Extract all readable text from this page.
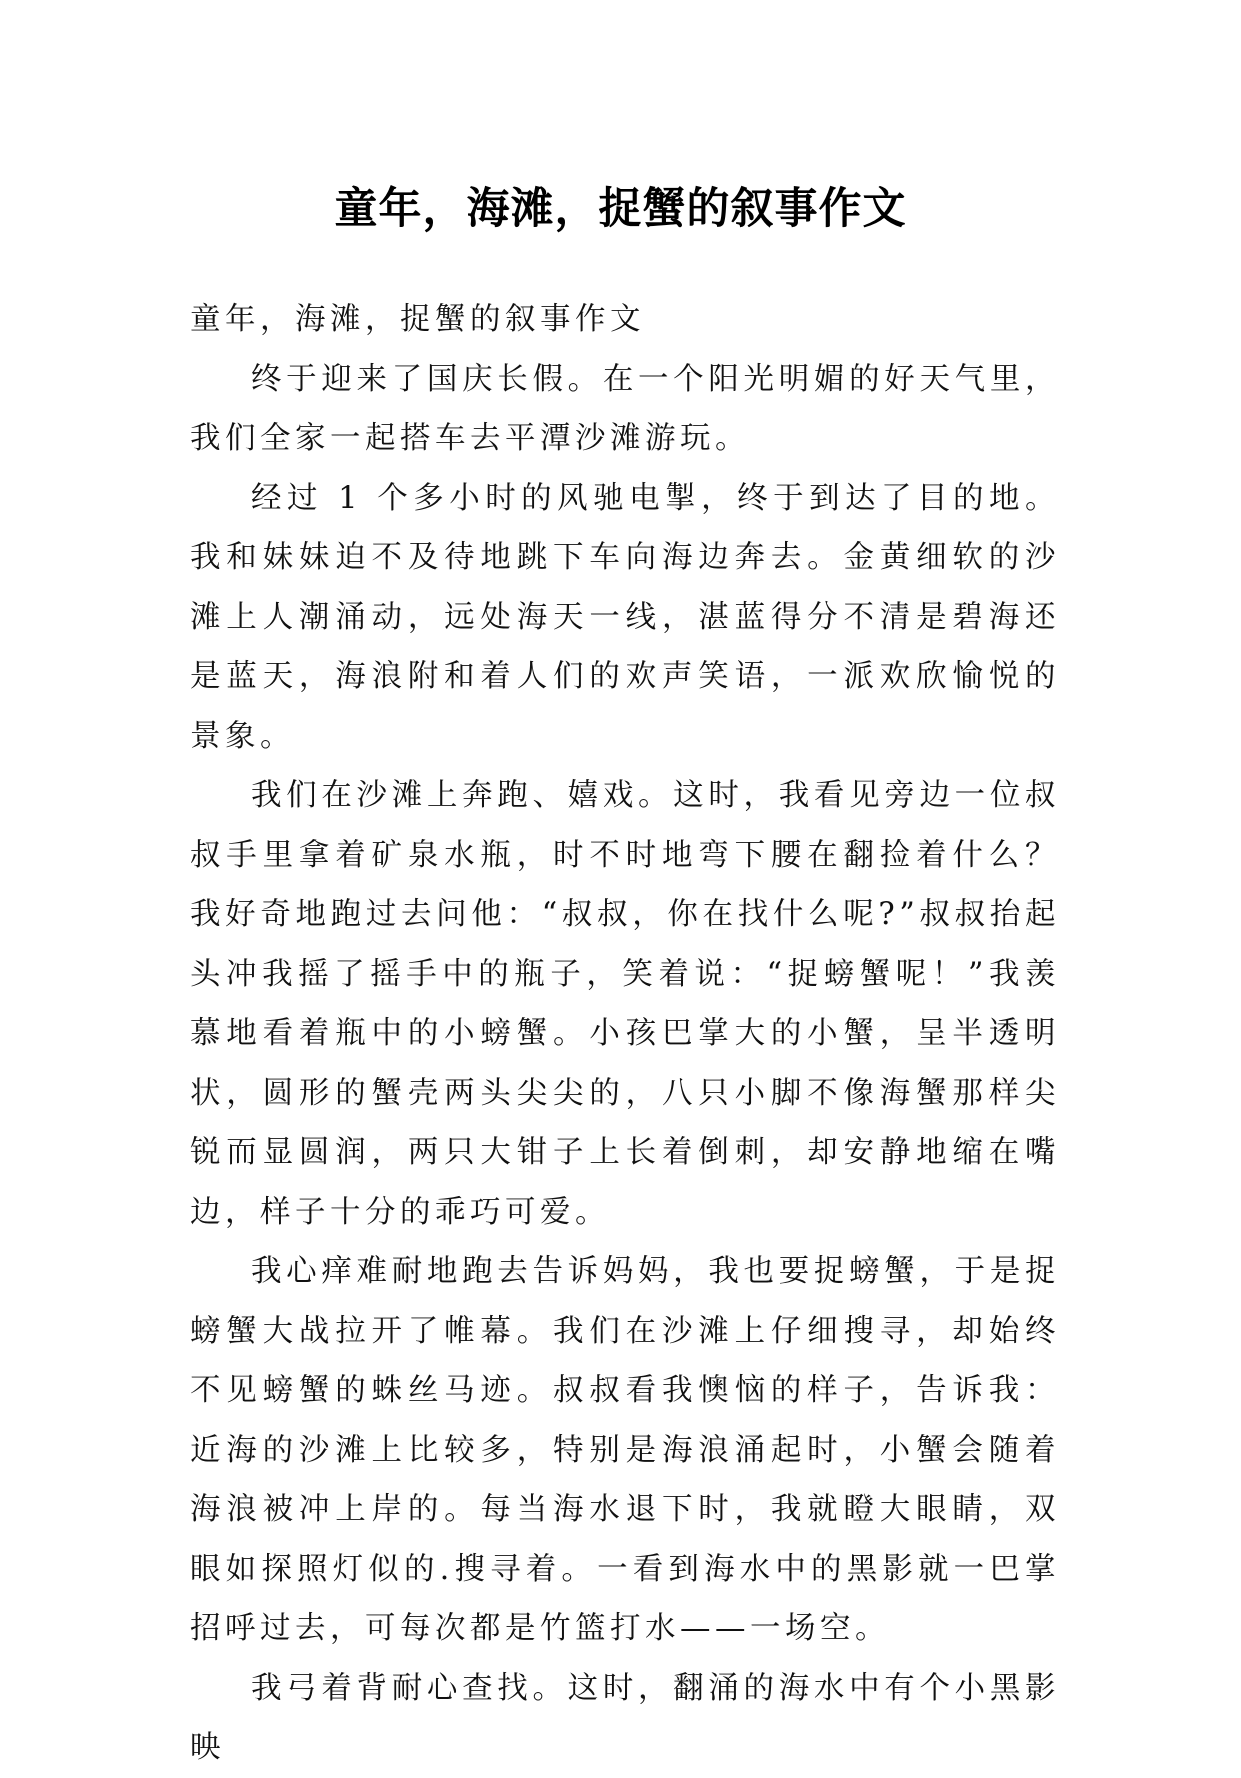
童年，海滩，捉蟹的叙事作文

童年，海滩，捉蟹的叙事作文

终于迎来了国庆长假。在一个阳光明媚的好天气里，我们全家一起搭车去平潭沙滩游玩。

经过 1 个多小时的风驰电掣，终于到达了目的地。我和妹妹迫不及待地跳下车向海边奔去。金黄细软的沙滩上人潮涌动，远处海天一线，湛蓝得分不清是碧海还是蓝天，海浪附和着人们的欢声笑语，一派欢欣愉悦的景象。

我们在沙滩上奔跑、嬉戏。这时，我看见旁边一位叔叔手里拿着矿泉水瓶，时不时地弯下腰在翻捡着什么？我好奇地跑过去问他：“叔叔，你在找什么呢?”叔叔抬起头冲我摇了摇手中的瓶子，笑着说：“捉螃蟹呢！”我羡慕地看着瓶中的小螃蟹。小孩巴掌大的小蟹，呈半透明状，圆形的蟹壳两头尖尖的，八只小脚不像海蟹那样尖锐而显圆润，两只大钳子上长着倒刺，却安静地缩在嘴边，样子十分的乖巧可爱。

我心痒难耐地跑去告诉妈妈，我也要捉螃蟹，于是捉螃蟹大战拉开了帷幕。我们在沙滩上仔细搜寻，却始终不见螃蟹的蛛丝马迹。叔叔看我懊恼的样子，告诉我：近海的沙滩上比较多，特别是海浪涌起时，小蟹会随着海浪被冲上岸的。每当海水退下时，我就瞪大眼睛，双眼如探照灯似的.搜寻着。一看到海水中的黑影就一巴掌招呼过去，可每次都是竹篮打水——一场空。

我弓着背耐心查找。这时，翻涌的海水中有个小黑影映
